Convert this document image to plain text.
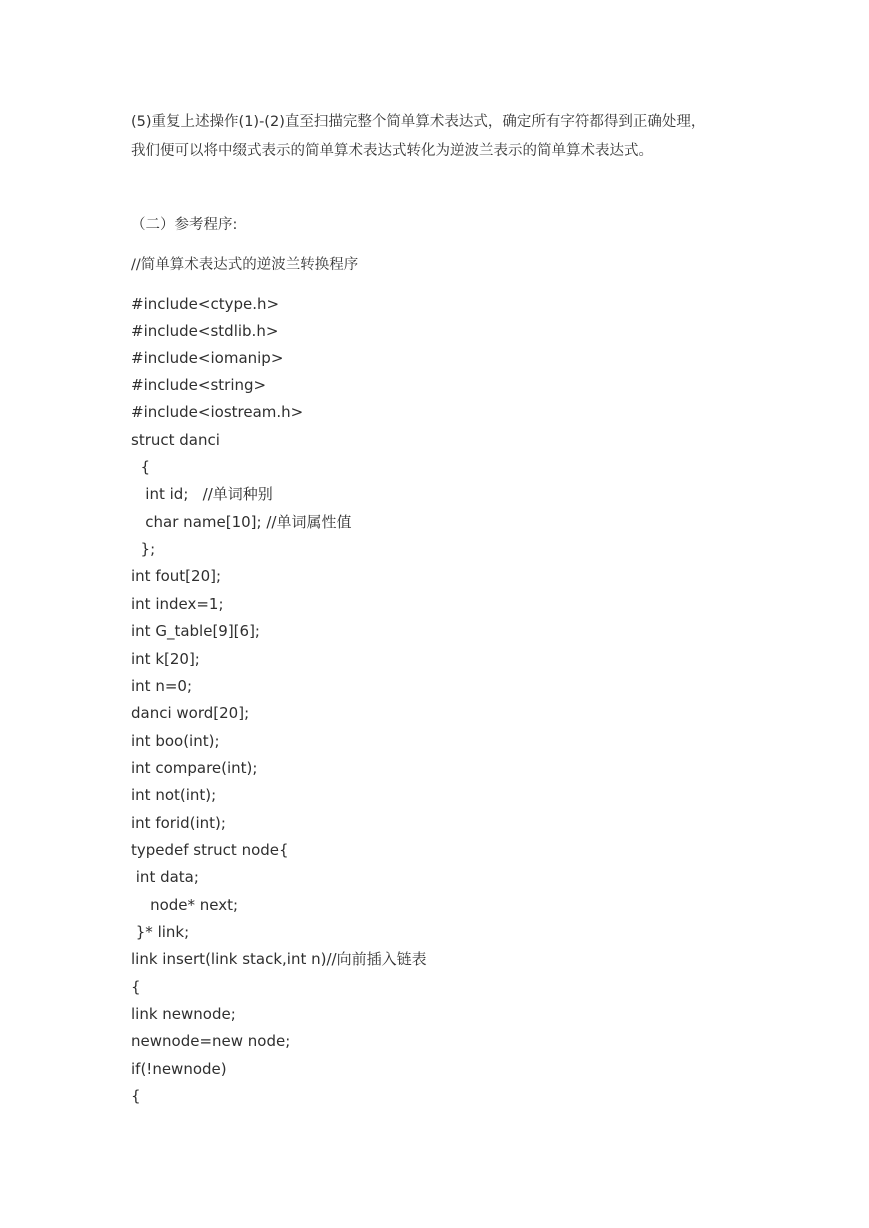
(5)重复上述操作(1)-(2)直至扫描完整个简单算术表达式，确定所有字符都得到正确处理，
我们便可以将中缀式表示的简单算术表达式转化为逆波兰表示的简单算术表达式。
（二）参考程序:
//简单算术表达式的逆波兰转换程序
#include<ctype.h>
#include<stdlib.h>
#include<iomanip>
#include<string>
#include<iostream.h>
struct danci
{
int id;   //单词种别
char name[10]; //单词属性值
};
int fout[20];
int index=1;
int G_table[9][6];
int k[20];
int n=0;
danci word[20];
int boo(int);
int compare(int);
int not(int);
int forid(int);
typedef struct node{
int data;
node* next;
}* link;
link insert(link stack,int n)//向前插入链表
{
link newnode;
newnode=new node;
if(!newnode)
{
